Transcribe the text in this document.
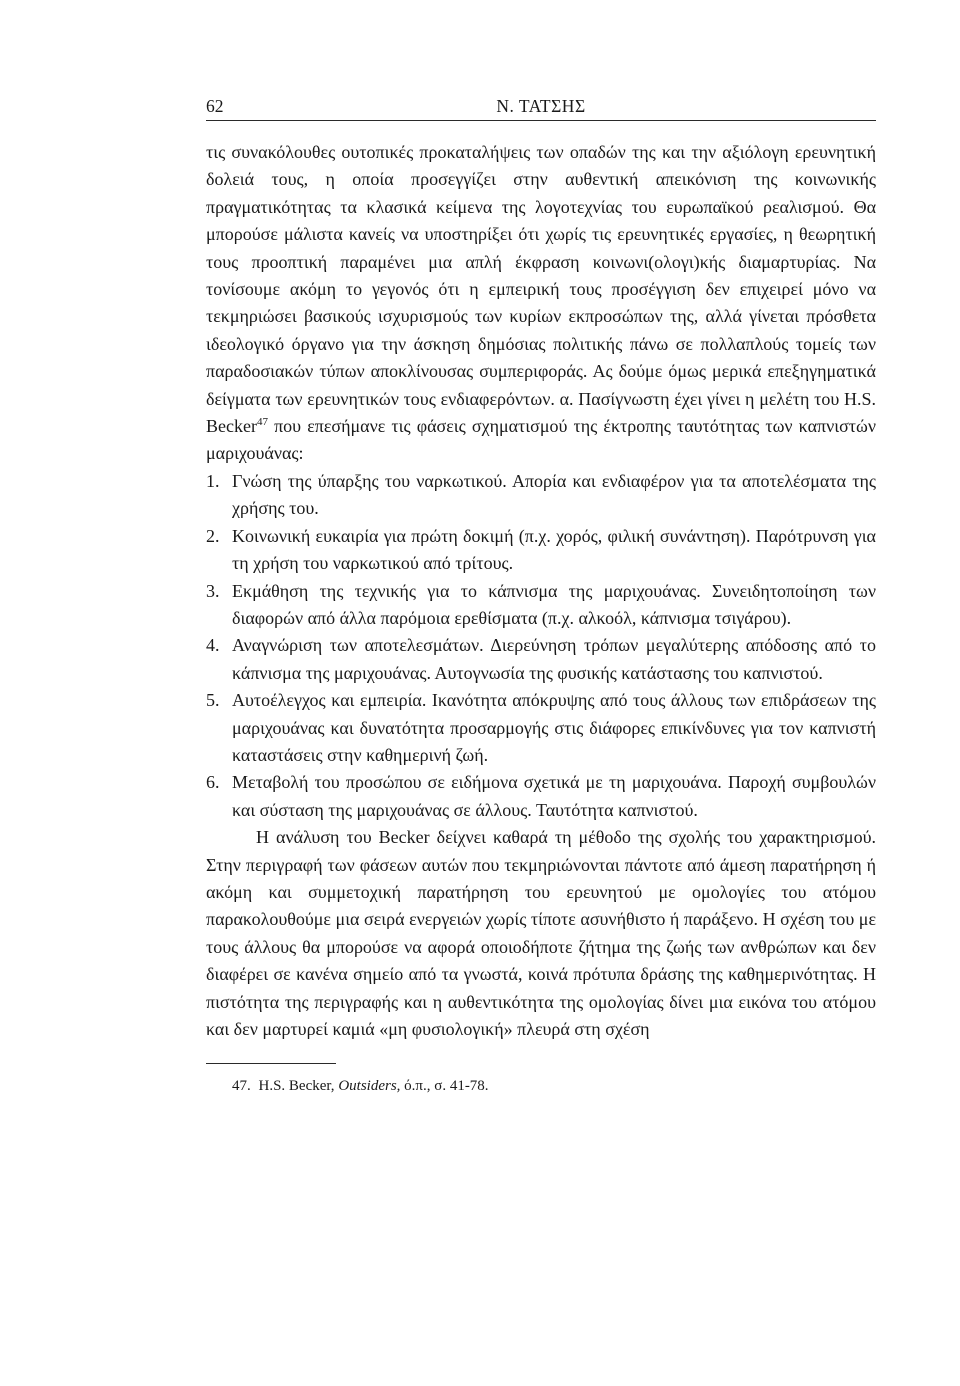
62	Ν. ΤΑΤΣΗΣ

τις συνακόλουθες ουτοπικές προκαταλήψεις των οπαδών της και την αξιόλογη ερευνητική δολειά τους, η οποία προσεγγίζει στην αυθεντική απεικόνιση της κοινωνικής πραγματικότητας τα κλασικά κείμενα της λογοτεχνίας του ευρωπαϊκού ρεαλισμού. Θα μπορούσε μάλιστα κανείς να υποστηρίξει ότι χωρίς τις ερευνητικές εργασίες, η θεωρητική τους προοπτική παραμένει μια απλή έκφραση κοινωνι(ολογι)κής διαμαρτυρίας. Να τονίσουμε ακόμη το γεγονός ότι η εμπειρική τους προσέγγιση δεν επιχειρεί μόνο να τεκμηριώσει βασικούς ισχυρισμούς των κυρίων εκπροσώπων της, αλλά γίνεται πρόσθετα ιδεολογικό όργανο για την άσκηση δημόσιας πολιτικής πάνω σε πολλαπλούς τομείς των παραδοσιακών τύπων αποκλίνουσας συμπεριφοράς. Ας δούμε όμως μερικά επεξηγηματικά δείγματα των ερευνητικών τους ενδιαφερόντων. α. Πασίγνωστη έχει γίνει η μελέτη του H.S. Becker$^{47}$ που επεσήμανε τις φάσεις σχηματισμού της έκτροπης ταυτότητας των καπνιστών μαριχουάνας:

1. Γνώση της ύπαρξης του ναρκωτικού. Απορία και ενδιαφέρον για τα αποτελέσματα της χρήσης του.

2. Κοινωνική ευκαιρία για πρώτη δοκιμή (π.χ. χορός, φιλική συνάντηση). Παρότρυνση για τη χρήση του ναρκωτικού από τρίτους.

3. Εκμάθηση της τεχνικής για το κάπνισμα της μαριχουάνας. Συνειδητοποίηση των διαφορών από άλλα παρόμοια ερεθίσματα (π.χ. αλκοόλ, κάπνισμα τσιγάρου).

4. Αναγνώριση των αποτελεσμάτων. Διερεύνηση τρόπων μεγαλύτερης απόδοσης από το κάπνισμα της μαριχουάνας. Αυτογνωσία της φυσικής κατάστασης του καπνιστού.

5. Αυτοέλεγχος και εμπειρία. Ικανότητα απόκρυψης από τους άλλους των επιδράσεων της μαριχουάνας και δυνατότητα προσαρμογής στις διάφορες επικίνδυνες για τον καπνιστή καταστάσεις στην καθημερινή ζωή.

6. Μεταβολή του προσώπου σε ειδήμονα σχετικά με τη μαριχουάνα. Παροχή συμβουλών και σύσταση της μαριχουάνας σε άλλους. Ταυτότητα καπνιστού.

Η ανάλυση του Becker δείχνει καθαρά τη μέθοδο της σχολής του χαρακτηρισμού. Στην περιγραφή των φάσεων αυτών που τεκμηριώνονται πάντοτε από άμεση παρατήρηση ή ακόμη και συμμετοχική παρατήρηση του ερευνητού με ομολογίες του ατόμου παρακολουθούμε μια σειρά ενεργειών χωρίς τίποτε ασυνήθιστο ή παράξενο. Η σχέση του με τους άλλους θα μπορούσε να αφορά οποιοδήποτε ζήτημα της ζωής των ανθρώπων και δεν διαφέρει σε κανένα σημείο από τα γνωστά, κοινά πρότυπα δράσης της καθημερινότητας. Η πιστότητα της περιγραφής και η αυθεντικότητα της ομολογίας δίνει μια εικόνα του ατόμου και δεν μαρτυρεί καμιά «μη φυσιολογική» πλευρά στη σχέση

47. H.S. Becker, Outsiders, ό.π., σ. 41-78.
